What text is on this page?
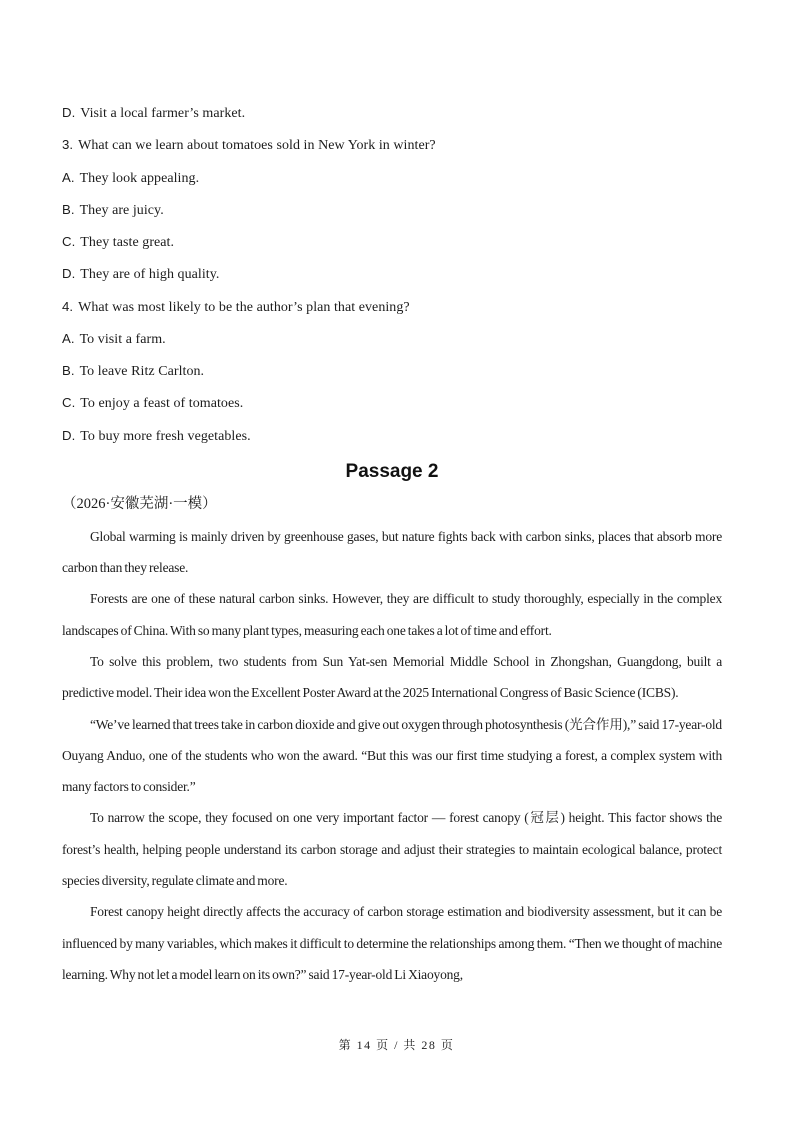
D. Visit a local farmer’s market.
3. What can we learn about tomatoes sold in New York in winter?
A. They look appealing.
B. They are juicy.
C. They taste great.
D. They are of high quality.
4. What was most likely to be the author’s plan that evening?
A. To visit a farm.
B. To leave Ritz Carlton.
C. To enjoy a feast of tomatoes.
D. To buy more fresh vegetables.
Passage 2
（2026·安徽芜湖·一模）

Global warming is mainly driven by greenhouse gases, but nature fights back with carbon sinks, places that absorb more carbon than they release.

Forests are one of these natural carbon sinks. However, they are difficult to study thoroughly, especially in the complex landscapes of China. With so many plant types, measuring each one takes a lot of time and effort.

To solve this problem, two students from Sun Yat-sen Memorial Middle School in Zhongshan, Guangdong, built a predictive model. Their idea won the Excellent Poster Award at the 2025 International Congress of Basic Science (ICBS).

“We’ve learned that trees take in carbon dioxide and give out oxygen through photosynthesis (光合作用),” said 17-year-old Ouyang Anduo, one of the students who won the award. “But this was our first time studying a forest, a complex system with many factors to consider.”

To narrow the scope, they focused on one very important factor — forest canopy (冠层) height. This factor shows the forest’s health, helping people understand its carbon storage and adjust their strategies to maintain ecological balance, protect species diversity, regulate climate and more.

Forest canopy height directly affects the accuracy of carbon storage estimation and biodiversity assessment, but it can be influenced by many variables, which makes it difficult to determine the relationships among them. “Then we thought of machine learning. Why not let a model learn on its own?” said 17-year-old Li Xiaoyong,

第 14 页 / 共 28 页
